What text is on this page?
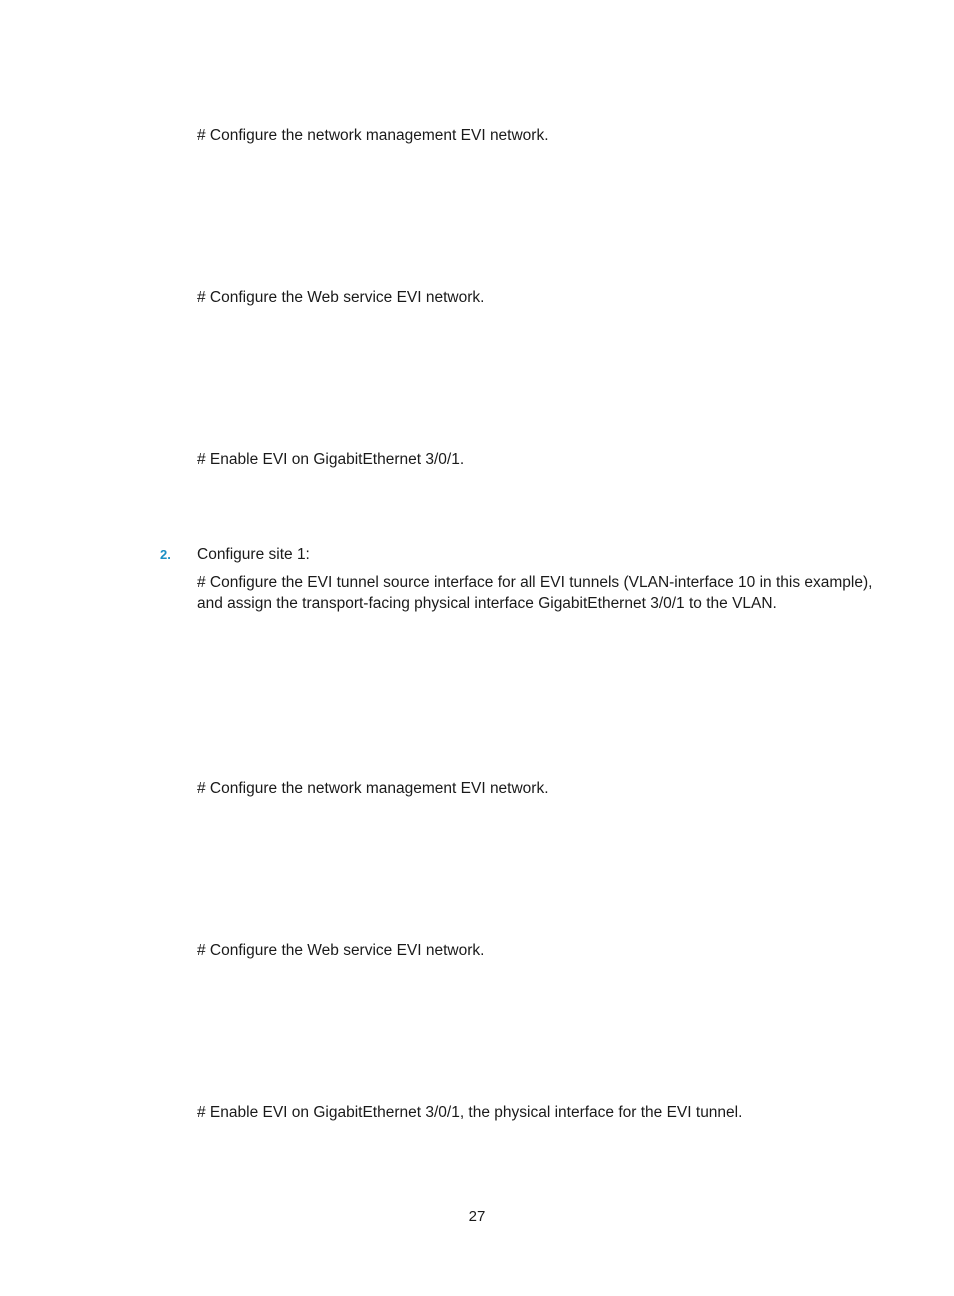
# Configure the network management EVI network.
# Configure the Web service EVI network.
# Enable EVI on GigabitEthernet 3/0/1.
2. Configure site 1:
# Configure the EVI tunnel source interface for all EVI tunnels (VLAN-interface 10 in this example), and assign the transport-facing physical interface GigabitEthernet 3/0/1 to the VLAN.
# Configure the network management EVI network.
# Configure the Web service EVI network.
# Enable EVI on GigabitEthernet 3/0/1, the physical interface for the EVI tunnel.
27
